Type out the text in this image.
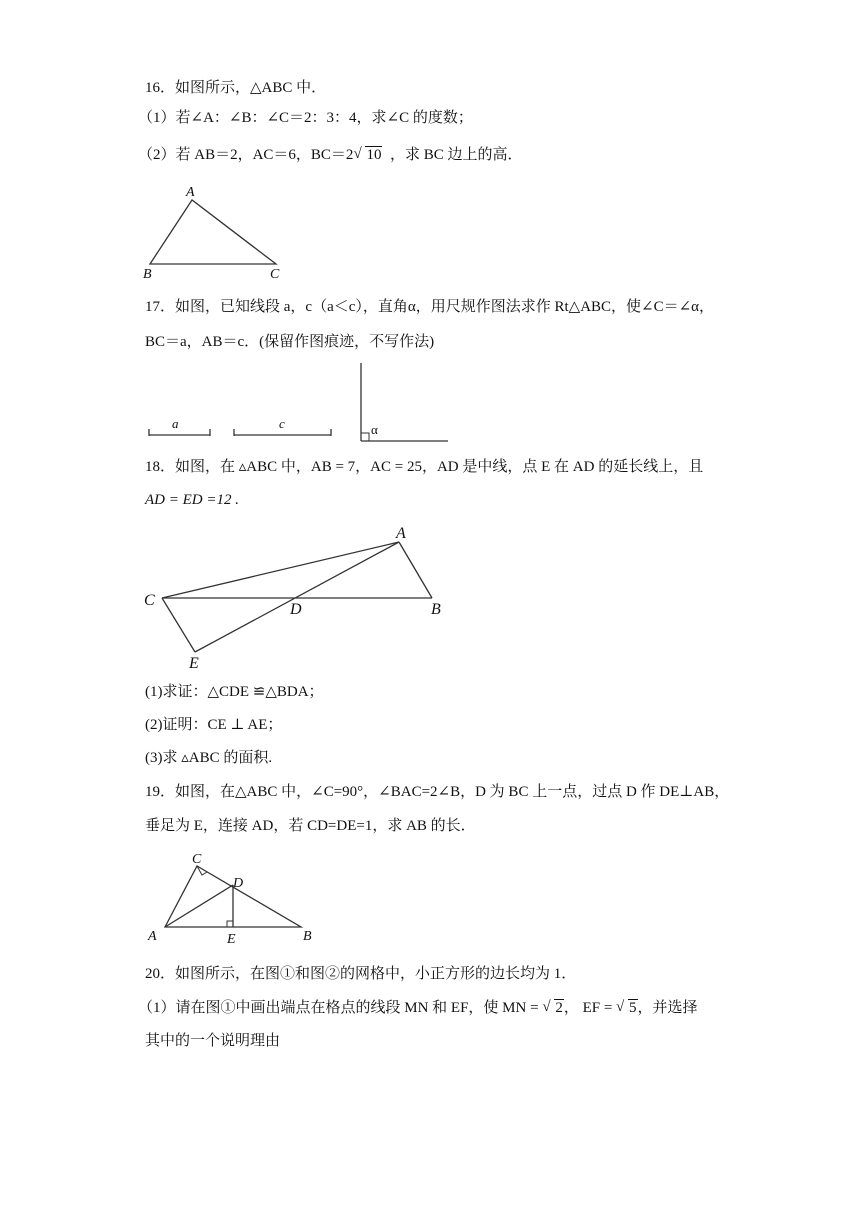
16．如图所示，△ABC 中．
（1）若∠A：∠B：∠C＝2：3：4，求∠C 的度数；
（2）若 AB＝2，AC＝6，BC＝2√ 10 ，求 BC 边上的高．
A
B	C
17．如图，已知线段 a，c（a＜c），直角α，用尺规作图法求作 Rt△ABC，使∠C＝∠α，
BC＝a，AB＝c．(保留作图痕迹，不写作法)
a	c	α
18．如图，在 ▵ABC 中，AB = 7，AC = 25，AD 是中线，点 E 在 AD 的延长线上，且
AD = ED =12 .
A
C
D	B
E
(1)求证：△CDE ≌△BDA；
(2)证明：CE ⊥ AE；
(3)求 ▵ABC 的面积.
19．如图，在△ABC 中，∠C=90°，∠BAC=2∠B，D 为 BC 上一点，过点 D 作 DE⊥AB，
垂足为 E，连接 AD，若 CD=DE=1，求 AB 的长．
C
D
A	E	B
20．如图所示，在图①和图②的网格中，小正方形的边长均为 1．
（1）请在图①中画出端点在格点的线段 MN 和 EF，使 MN = √ 2， EF = √ 5，并选择
其中的一个说明理由
